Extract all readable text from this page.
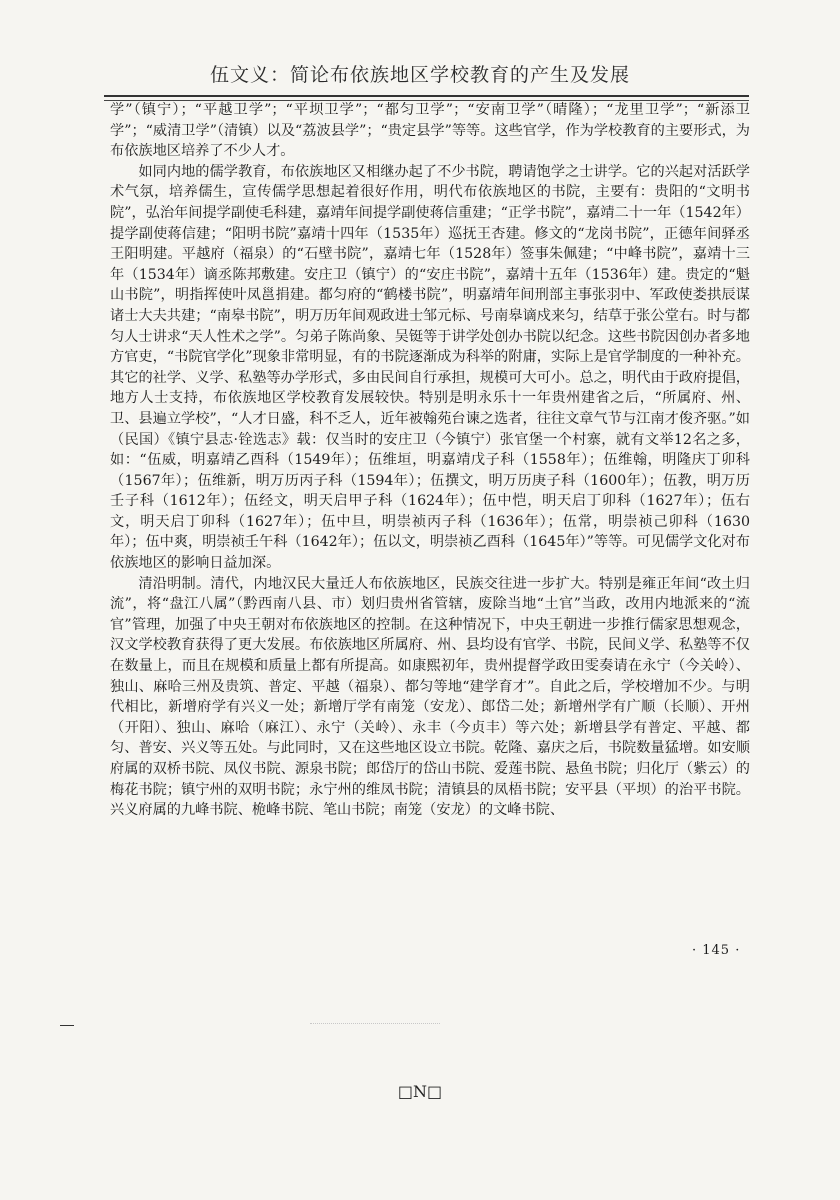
伍文义：简论布依族地区学校教育的产生及发展

学”（镇宁）；“平越卫学”；“平坝卫学”；“都匀卫学”；“安南卫学”（晴隆）；“龙里卫学”；“新添卫学”；“威清卫学”（清镇）以及“荔波县学”；“贵定县学”等等。这些官学，作为学校教育的主要形式，为布依族地区培养了不少人才。

如同内地的儒学教育，布依族地区又相继办起了不少书院，聘请饱学之士讲学。它的兴起对活跃学术气氛，培养儒生，宣传儒学思想起着很好作用，明代布依族地区的书院，主要有：贵阳的“文明书院”，弘治年间提学副使毛科建，嘉靖年间提学副使蒋信重建；“正学书院”，嘉靖二十一年（1542年）提学副使蒋信建；“阳明书院”嘉靖十四年（1535年）巡抚王杏建。修文的“龙岗书院”，正德年间驿丞王阳明建。平越府（福泉）的“石壁书院”，嘉靖七年（1528年）签事朱佩建；“中峰书院”，嘉靖十三年（1534年）谪丞陈邦敷建。安庄卫（镇宁）的“安庄书院”，嘉靖十五年（1536年）建。贵定的“魁山书院”，明指挥使叶凤邕捐建。都匀府的“鹤楼书院”，明嘉靖年间刑部主事张羽中、军政使娄拱辰谋诸士大夫共建；“南皋书院”，明万历年间观政进士邹元标、号南皋谪戍来匀，结草于张公堂右。时与都匀人士讲求“天人性术之学”。匀弟子陈尚象、吴铤等于讲学处创办书院以纪念。这些书院因创办者多地方官吏，“书院官学化”现象非常明显，有的书院逐渐成为科举的附庸，实际上是官学制度的一种补充。其它的社学、义学、私塾等办学形式，多由民间自行承担，规模可大可小。总之，明代由于政府提倡，地方人士支持，布依族地区学校教育发展较快。特别是明永乐十一年贵州建省之后，“所属府、州、卫、县遍立学校”，“人才日盛，科不乏人，近年被翰苑台谏之选者，往往文章气节与江南才俊齐驱。”如（民国）《镇宁县志·铨选志》载：仅当时的安庄卫（今镇宁）张官堡一个村寨，就有文举12名之多，如：“伍威，明嘉靖乙酉科（1549年）；伍维垣，明嘉靖戊子科（1558年）；伍维翰，明隆庆丁卯科（1567年）；伍维新，明万历丙子科（1594年）；伍撰文，明万历庚子科（1600年）；伍教，明万历壬子科（1612年）；伍经文，明天启甲子科（1624年）；伍中恺，明天启丁卯科（1627年）；伍右文，明天启丁卯科（1627年）；伍中旦，明崇祯丙子科（1636年）；伍常，明崇祯己卯科（1630年）；伍中爽，明崇祯壬午科（1642年）；伍以文，明崇祯乙酉科（1645年）”等等。可见儒学文化对布依族地区的影响日益加深。

清沿明制。清代，内地汉民大量迁人布依族地区，民族交往进一步扩大。特别是雍正年间“改土归流”，将“盘江八属”（黔西南八县、市）划归贵州省管辖，废除当地“土官”当政，改用内地派来的“流官”管理，加强了中央王朝对布依族地区的控制。在这种情况下，中央王朝进一步推行儒家思想观念，汉文学校教育获得了更大发展。布依族地区所属府、州、县均设有官学、书院，民间义学、私塾等不仅在数量上，而且在规模和质量上都有所提高。如康熙初年，贵州提督学政田雯奏请在永宁（今关岭）、独山、麻哈三州及贵筑、普定、平越（福泉）、都匀等地“建学育才”。自此之后，学校增加不少。与明代相比，新增府学有兴义一处；新增厅学有南笼（安龙）、郎岱二处；新增州学有广顺（长顺）、开州（开阳）、独山、麻哈（麻江）、永宁（关岭）、永丰（今贞丰）等六处；新增县学有普定、平越、都匀、普安、兴义等五处。与此同时，又在这些地区设立书院。乾隆、嘉庆之后，书院数量猛增。如安顺府属的双桥书院、凤仪书院、源泉书院；郎岱厅的岱山书院、爱莲书院、悬鱼书院；归化厅（紫云）的梅花书院；镇宁州的双明书院；永宁州的维凤书院；清镇县的凤梧书院；安平县（平坝）的治平书院。兴义府属的九峰书院、桅峰书院、笔山书院；南笼（安龙）的文峰书院、

· 145 ·
□N□
